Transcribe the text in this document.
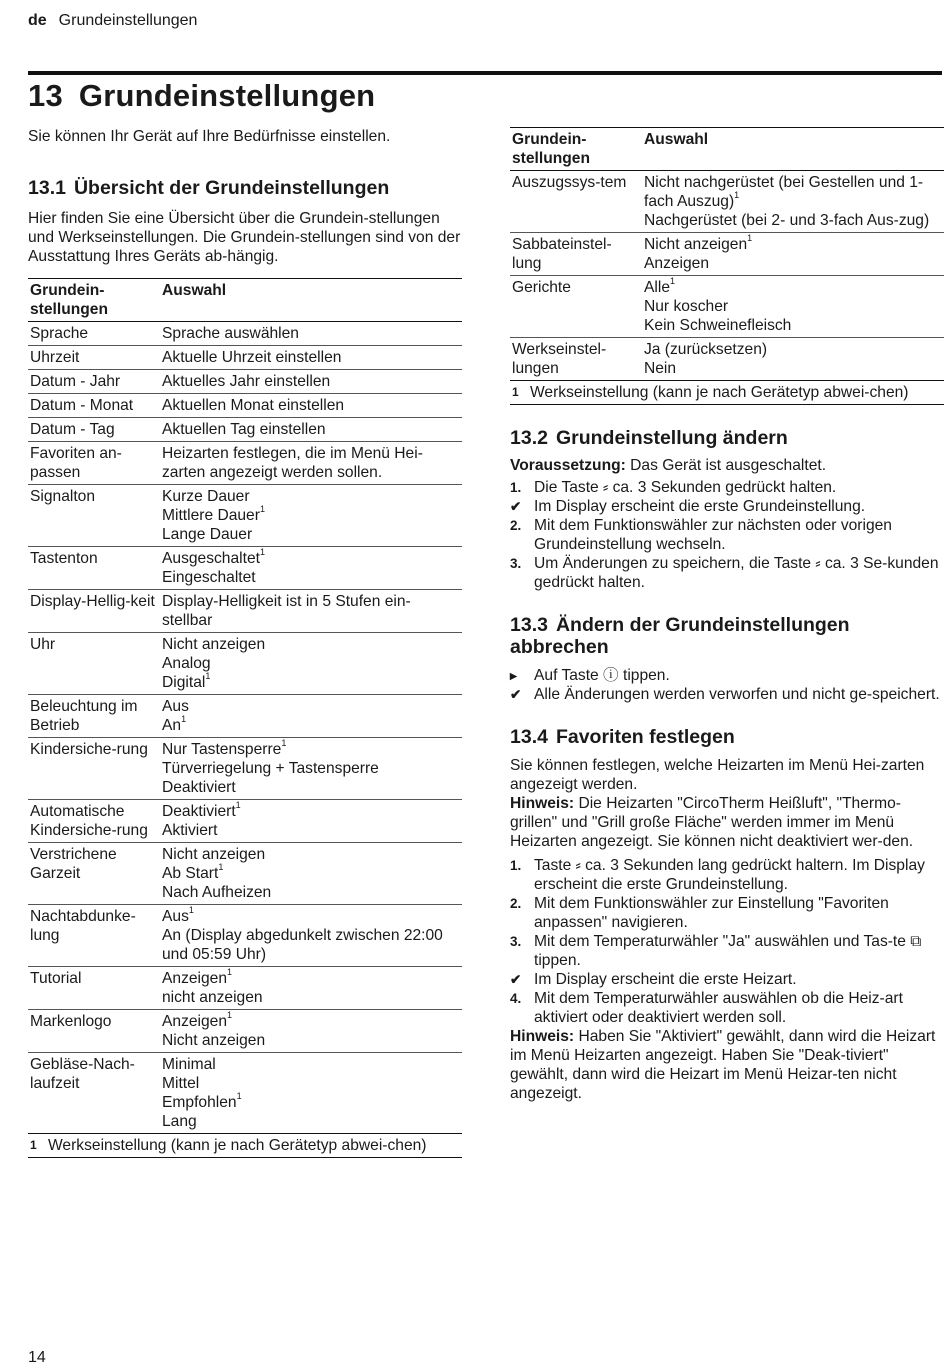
de Grundeinstellungen
13 Grundeinstellungen

Sie können Ihr Gerät auf Ihre Bedürfnisse einstellen.

13.1 Übersicht der Grundeinstellungen

Hier finden Sie eine Übersicht über die Grundein-stellungen und Werkseinstellungen. Die Grundein-stellungen sind von der Ausstattung Ihres Geräts ab-hängig.

Grundein-stellungen	Auswahl
Sprache	Sprache auswählen

Uhrzeit	Aktuelle Uhrzeit einstellen

Datum - Jahr	Aktuelles Jahr einstellen

Datum - Monat	Aktuellen Monat einstellen

Datum - Tag	Aktuellen Tag einstellen

Favoriten an-passen	Heizarten festlegen, die im Menü Hei-zarten angezeigt werden sollen.

Signalton	Kurze Dauer
Mittlere Dauer$^1$
Lange Dauer

Tastenton	Ausgeschaltet$^1$
Eingeschaltet

Display-Hellig-keit	Display-Helligkeit ist in 5 Stufen ein-stellbar

Uhr	Nicht anzeigen
Analog
Digital$^1$

Beleuchtung im Betrieb	Aus
An$^1$

Kindersiche-rung	Nur Tastensperre$^1$
Türverriegelung + Tastensperre
Deaktiviert

Automatische Kindersiche-rung	Deaktiviert$^1$
Aktiviert

Verstrichene Garzeit	Nicht anzeigen
Ab Start$^1$
Nach Aufheizen

Nachtabdunke-lung	Aus$^1$
An (Display abgedunkelt zwischen 22:00 und 05:59 Uhr)

Tutorial	Anzeigen$^1$
nicht anzeigen

Markenlogo	Anzeigen$^1$
Nicht anzeigen

Gebläse-Nach-laufzeit	Minimal
Mittel
Empfohlen$^1$
Lang
1 Werkseinstellung (kann je nach Gerätetyp abwei-chen)
Grundein-stellungen	Auswahl
Auszugssys-tem	Nicht nachgerüstet (bei Gestellen und 1-fach Auszug)$^1$
Nachgerüstet (bei 2- und 3-fach Aus-zug)

Sabbateinstel-lung	Nicht anzeigen$^1$
Anzeigen

Gerichte	Alle$^1$
Nur koscher
Kein Schweinefleisch

Werkseinstel-lungen	Ja (zurücksetzen)
Nein
1 Werkseinstellung (kann je nach Gerätetyp abwei-chen)
13.2 Grundeinstellung ändern

Voraussetzung: Das Gerät ist ausgeschaltet.

1. Die Taste ⸗ ca. 3 Sekunden gedrückt halten.
✔ Im Display erscheint die erste Grundeinstellung.
2. Mit dem Funktionswähler zur nächsten oder vorigen Grundeinstellung wechseln.
3. Um Änderungen zu speichern, die Taste ⸗ ca. 3 Se-kunden gedrückt halten.
13.3 Ändern der Grundeinstellungen abbrechen
▸	Auf Taste ⓘ tippen.
✔ Alle Änderungen werden verworfen und nicht ge-speichert.
13.4 Favoriten festlegen

Sie können festlegen, welche Heizarten im Menü Hei-zarten angezeigt werden.

Hinweis: Die Heizarten "CircoTherm Heißluft", "Thermo-grillen" und "Grill große Fläche" werden immer im Menü Heizarten angezeigt. Sie können nicht deaktiviert wer-den.

1. Taste ⸗ ca. 3 Sekunden lang gedrückt haltern. Im Display erscheint die erste Grundeinstellung.
2. Mit dem Funktionswähler zur Einstellung "Favoriten anpassen" navigieren.
3. Mit dem Temperaturwähler "Ja" auswählen und Tas-te ⧉ tippen.
✔ Im Display erscheint die erste Heizart.
4. Mit dem Temperaturwähler auswählen ob die Heiz-art aktiviert oder deaktiviert werden soll.

Hinweis: Haben Sie "Aktiviert" gewählt, dann wird die Heizart im Menü Heizarten angezeigt. Haben Sie "Deak-tiviert" gewählt, dann wird die Heizart im Menü Heizar-ten nicht angezeigt.

14
